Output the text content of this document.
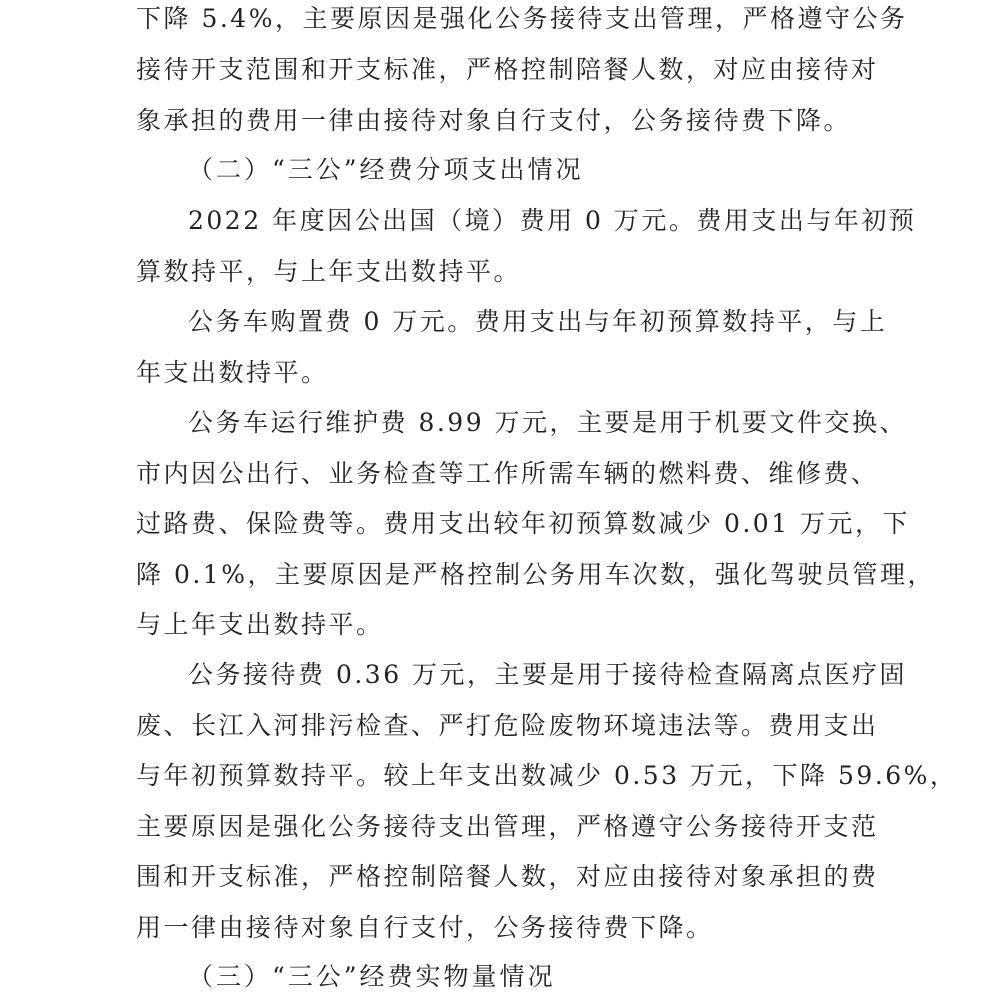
下降 5.4%，主要原因是强化公务接待支出管理，严格遵守公务
接待开支范围和开支标准，严格控制陪餐人数，对应由接待对
象承担的费用一律由接待对象自行支付，公务接待费下降。
（二）“三公”经费分项支出情况
2022 年度因公出国（境）费用 0 万元。费用支出与年初预
算数持平，与上年支出数持平。
公务车购置费 0 万元。费用支出与年初预算数持平，与上
年支出数持平。
公务车运行维护费 8.99 万元，主要是用于机要文件交换、
市内因公出行、业务检查等工作所需车辆的燃料费、维修费、
过路费、保险费等。费用支出较年初预算数减少 0.01 万元，下
降 0.1%，主要原因是严格控制公务用车次数，强化驾驶员管理，
与上年支出数持平。
公务接待费 0.36 万元，主要是用于接待检查隔离点医疗固
废、长江入河排污检查、严打危险废物环境违法等。费用支出
与年初预算数持平。较上年支出数减少 0.53 万元，下降 59.6%，
主要原因是强化公务接待支出管理，严格遵守公务接待开支范
围和开支标准，严格控制陪餐人数，对应由接待对象承担的费
用一律由接待对象自行支付，公务接待费下降。
（三）“三公”经费实物量情况
